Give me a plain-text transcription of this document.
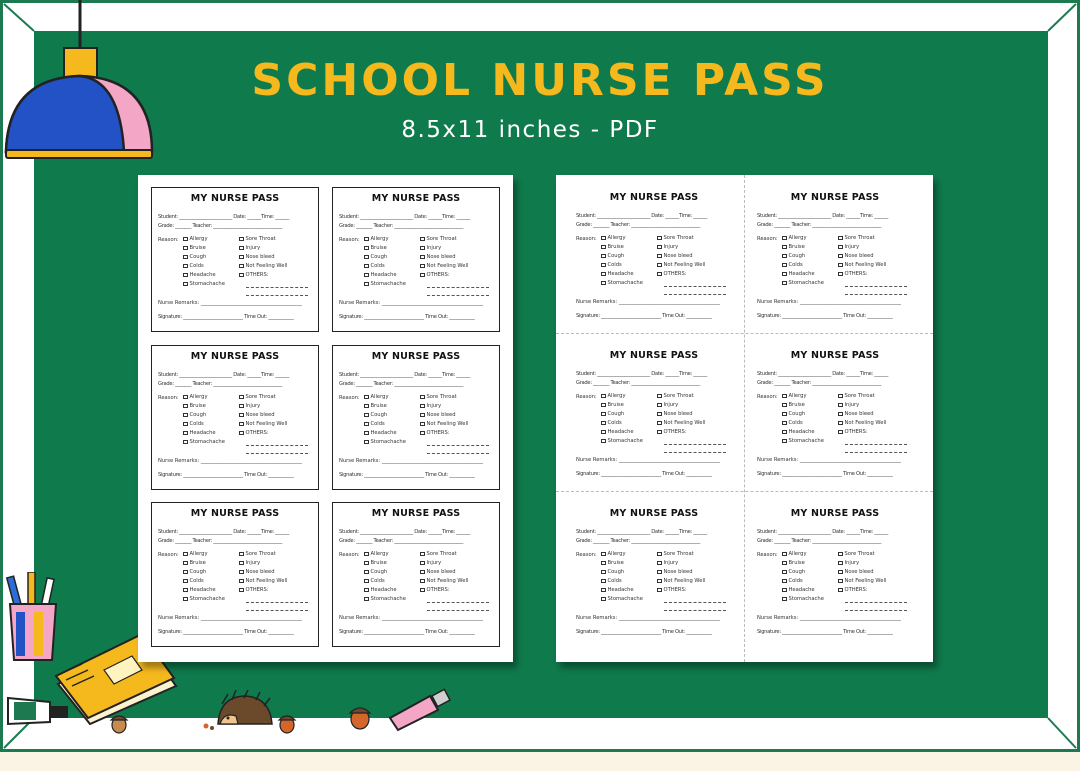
SCHOOL NURSE PASS
8.5x11 inches - PDF
MY NURSE PASS
Student: _______________________ Date: ______Time: ______
Grade: _______ Teacher: ______________________________
Reason: Allergy
Bruise
Cough
Colds
Headache
Stomachache
Sore Throat
Injury
Nose bleed
Not Feeling Well
OTHERS:
Nurse Remarks: _______________________________________
Signature: __________________________ Time Out: ___________
MY NURSE PASS
Student: _______________________ Date: ______Time: ______
Grade: _______ Teacher: ______________________________
Reason: Allergy
Bruise
Cough
Colds
Headache
Stomachache
Sore Throat
Injury
Nose bleed
Not Feeling Well
OTHERS:
Nurse Remarks: _______________________________________
Signature: __________________________ Time Out: ___________
MY NURSE PASS
Student: _______________________ Date: ______Time: ______
Grade: _______ Teacher: ______________________________
Reason: Allergy
Bruise
Cough
Colds
Headache
Stomachache
Sore Throat
Injury
Nose bleed
Not Feeling Well
OTHERS:
Nurse Remarks: _______________________________________
Signature: __________________________ Time Out: ___________
MY NURSE PASS
Student: _______________________ Date: ______Time: ______
Grade: _______ Teacher: ______________________________
Reason: Allergy
Bruise
Cough
Colds
Headache
Stomachache
Sore Throat
Injury
Nose bleed
Not Feeling Well
OTHERS:
Nurse Remarks: _______________________________________
Signature: __________________________ Time Out: ___________
MY NURSE PASS
Student: _______________________ Date: ______Time: ______
Grade: _______ Teacher: ______________________________
Reason: Allergy
Bruise
Cough
Colds
Headache
Stomachache
Sore Throat
Injury
Nose bleed
Not Feeling Well
OTHERS:
Nurse Remarks: _______________________________________
Signature: __________________________ Time Out: ___________
MY NURSE PASS
Student: _______________________ Date: ______Time: ______
Grade: _______ Teacher: ______________________________
Reason: Allergy
Bruise
Cough
Colds
Headache
Stomachache
Sore Throat
Injury
Nose bleed
Not Feeling Well
OTHERS:
Nurse Remarks: _______________________________________
Signature: __________________________ Time Out: ___________
MY NURSE PASS
Student: _______________________ Date: ______Time: ______
Grade: _______ Teacher: ______________________________
Reason: Allergy
Bruise
Cough
Colds
Headache
Stomachache
Sore Throat
Injury
Nose bleed
Not Feeling Well
OTHERS:
Nurse Remarks: _______________________________________
Signature: __________________________ Time Out: ___________
MY NURSE PASS
Student: _______________________ Date: ______Time: ______
Grade: _______ Teacher: ______________________________
Reason: Allergy
Bruise
Cough
Colds
Headache
Stomachache
Sore Throat
Injury
Nose bleed
Not Feeling Well
OTHERS:
Nurse Remarks: _______________________________________
Signature: __________________________ Time Out: ___________
MY NURSE PASS
Student: _______________________ Date: ______Time: ______
Grade: _______ Teacher: ______________________________
Reason: Allergy
Bruise
Cough
Colds
Headache
Stomachache
Sore Throat
Injury
Nose bleed
Not Feeling Well
OTHERS:
Nurse Remarks: _______________________________________
Signature: __________________________ Time Out: ___________
MY NURSE PASS
Student: _______________________ Date: ______Time: ______
Grade: _______ Teacher: ______________________________
Reason: Allergy
Bruise
Cough
Colds
Headache
Stomachache
Sore Throat
Injury
Nose bleed
Not Feeling Well
OTHERS:
Nurse Remarks: _______________________________________
Signature: __________________________ Time Out: ___________
MY NURSE PASS
Student: _______________________ Date: ______Time: ______
Grade: _______ Teacher: ______________________________
Reason: Allergy
Bruise
Cough
Colds
Headache
Stomachache
Sore Throat
Injury
Nose bleed
Not Feeling Well
OTHERS:
Nurse Remarks: _______________________________________
Signature: __________________________ Time Out: ___________
MY NURSE PASS
Student: _______________________ Date: ______Time: ______
Grade: _______ Teacher: ______________________________
Reason: Allergy
Bruise
Cough
Colds
Headache
Stomachache
Sore Throat
Injury
Nose bleed
Not Feeling Well
OTHERS:
Nurse Remarks: _______________________________________
Signature: __________________________ Time Out: ___________
